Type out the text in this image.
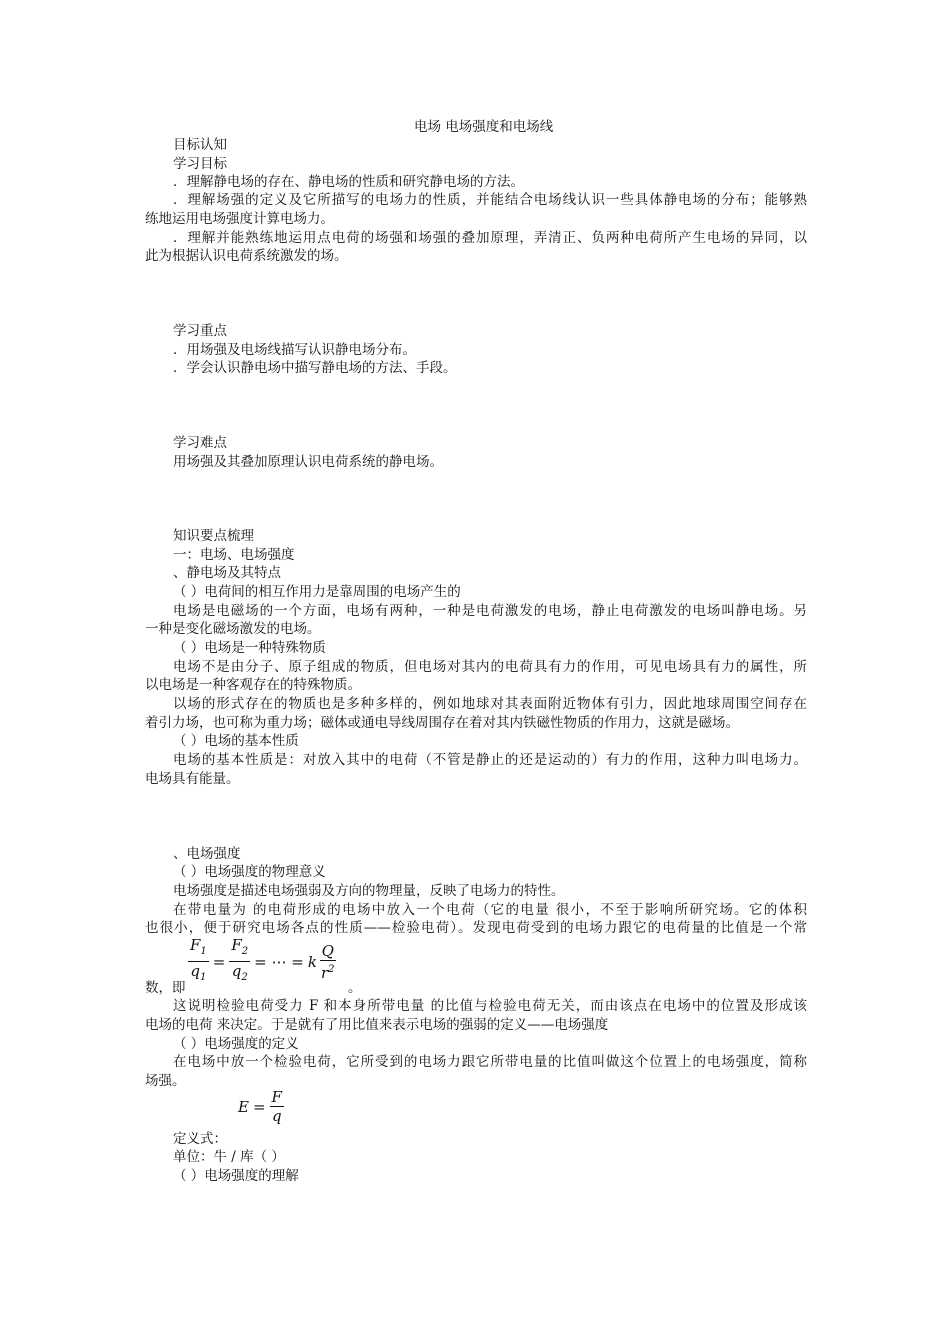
电场 电场强度和电场线
目标认知
学习目标
．理解静电场的存在、静电场的性质和研究静电场的方法。
．理解场强的定义及它所描写的电场力的性质，并能结合电场线认识一些具体静电场的分布；能够熟
练地运用电场强度计算电场力。
．理解并能熟练地运用点电荷的场强和场强的叠加原理，弄清正、负两种电荷所产生电场的异同，以
此为根据认识电荷系统激发的场。
学习重点
．用场强及电场线描写认识静电场分布。
．学会认识静电场中描写静电场的方法、手段。
学习难点
用场强及其叠加原理认识电荷系统的静电场。
知识要点梳理
一：电场、电场强度
、静电场及其特点
（ ）电荷间的相互作用力是靠周围的电场产生的
电场是电磁场的一个方面，电场有两种，一种是电荷激发的电场，静止电荷激发的电场叫静电场。另
一种是变化磁场激发的电场。
（ ）电场是一种特殊物质
电场不是由分子、原子组成的物质，但电场对其内的电荷具有力的作用，可见电场具有力的属性，所
以电场是一种客观存在的特殊物质。
以场的形式存在的物质也是多种多样的，例如地球对其表面附近物体有引力，因此地球周围空间存在
着引力场，也可称为重力场；磁体或通电导线周围存在着对其内铁磁性物质的作用力，这就是磁场。
（ ）电场的基本性质
电场的基本性质是：对放入其中的电荷（不管是静止的还是运动的）有力的作用，这种力叫电场力。
电场具有能量。
、电场强度
（ ）电场强度的物理意义
电场强度是描述电场强弱及方向的物理量，反映了电场力的特性。
在带电量为 的电荷形成的电场中放入一个电荷（它的电量 很小，不至于影响所研究场。它的体积
也很小，便于研究电场各点的性质——检验电荷）。发现电荷受到的电场力跟它的电荷量的比值是一个常
$\frac{F_1}{q_1} = \frac{F_2}{q_2}$ = ⋯ = k $\frac{Q}{r^2}$
数，即	。
这说明检验电荷受力 F 和本身所带电量 的比值与检验电荷无关，而由该点在电场中的位置及形成该
电场的电荷 来决定。于是就有了用比值来表示电场的强弱的定义——电场强度
（ ）电场强度的定义
在电场中放一个检验电荷，它所受到的电场力跟它所带电量的比值叫做这个位置上的电场强度，简称
场强。
$E = \frac{F}{q}$
定义式：
单位：牛 / 库（ ）
（ ）电场强度的理解
